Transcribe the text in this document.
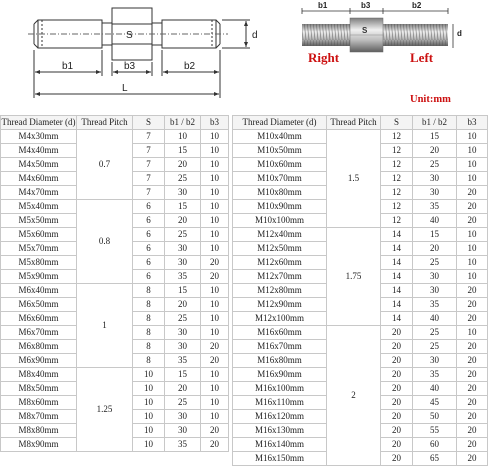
S	d
b1	b3	b2
L
b1	b3	b2
d
S
Right	Left
Unit:mm
Thread Diameter (d)	Thread Pitch	S	b1 / b2	b3
M4x30mm	0.7	7	10	10
M4x40mm		7	15	10
M4x50mm		7	20	10
M4x60mm		7	25	10
M4x70mm		7	30	10
M5x40mm	0.8	6	15	10
M5x50mm		6	20	10
M5x60mm		6	25	10
M5x70mm		6	30	10
M5x80mm		6	30	20
M5x90mm		6	35	20
M6x40mm	1	8	15	10
M6x50mm		8	20	10
M6x60mm		8	25	10
M6x70mm		8	30	10
M6x80mm		8	30	20
M6x90mm		8	35	20
M8x40mm	1.25	10	15	10
M8x50mm		10	20	10
M8x60mm		10	25	10
M8x70mm		10	30	10
M8x80mm		10	30	20
M8x90mm		10	35	20
Thread Diameter (d)	Thread Pitch	S	b1 / b2	b3
M10x40mm	1.5	12	15	10
M10x50mm		12	20	10
M10x60mm		12	25	10
M10x70mm		12	30	10
M10x80mm		12	30	20
M10x90mm		12	35	20
M10x100mm		12	40	20
M12x40mm	1.75	14	15	10
M12x50mm		14	20	10
M12x60mm		14	25	10
M12x70mm		14	30	10
M12x80mm		14	30	20
M12x90mm		14	35	20
M12x100mm		14	40	20
M16x60mm	2	20	25	10
M16x70mm		20	25	20
M16x80mm		20	30	20
M16x90mm		20	35	20
M16x100mm		20	40	20
M16x110mm		20	45	20
M16x120mm		20	50	20
M16x130mm		20	55	20
M16x140mm		20	60	20
M16x150mm		20	65	20
